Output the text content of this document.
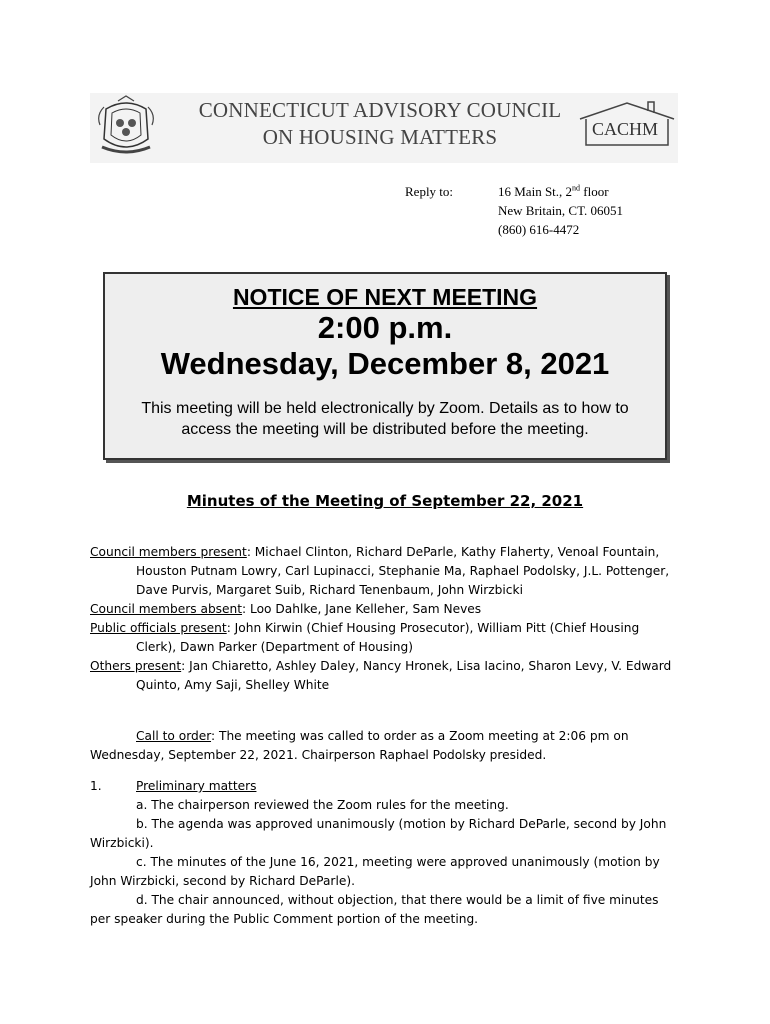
CONNECTICUT ADVISORY COUNCIL
ON HOUSING MATTERS	CACHM
Reply to:	16 Main St., 2nd floor
New Britain, CT. 06051
(860) 616-4472
NOTICE OF NEXT MEETING
2:00 p.m.
Wednesday, December 8, 2021
This meeting will be held electronically by Zoom. Details as to how to
access the meeting will be distributed before the meeting.
Minutes of the Meeting of September 22, 2021
Council members present: Michael Clinton, Richard DeParle, Kathy Flaherty, Venoal Fountain,
Houston Putnam Lowry, Carl Lupinacci, Stephanie Ma, Raphael Podolsky, J.L. Pottenger,
Dave Purvis, Margaret Suib, Richard Tenenbaum, John Wirzbicki
Council members absent: Loo Dahlke, Jane Kelleher, Sam Neves
Public officials present: John Kirwin (Chief Housing Prosecutor), William Pitt (Chief Housing
Clerk), Dawn Parker (Department of Housing)
Others present: Jan Chiaretto, Ashley Daley, Nancy Hronek, Lisa Iacino, Sharon Levy, V. Edward
Quinto, Amy Saji, Shelley White
Call to order: The meeting was called to order as a Zoom meeting at 2:06 pm on
Wednesday, September 22, 2021. Chairperson Raphael Podolsky presided.
1.	Preliminary matters
a. The chairperson reviewed the Zoom rules for the meeting.
b. The agenda was approved unanimously (motion by Richard DeParle, second by John
Wirzbicki).
c. The minutes of the June 16, 2021, meeting were approved unanimously (motion by
John Wirzbicki, second by Richard DeParle).
d. The chair announced, without objection, that there would be a limit of five minutes
per speaker during the Public Comment portion of the meeting.
